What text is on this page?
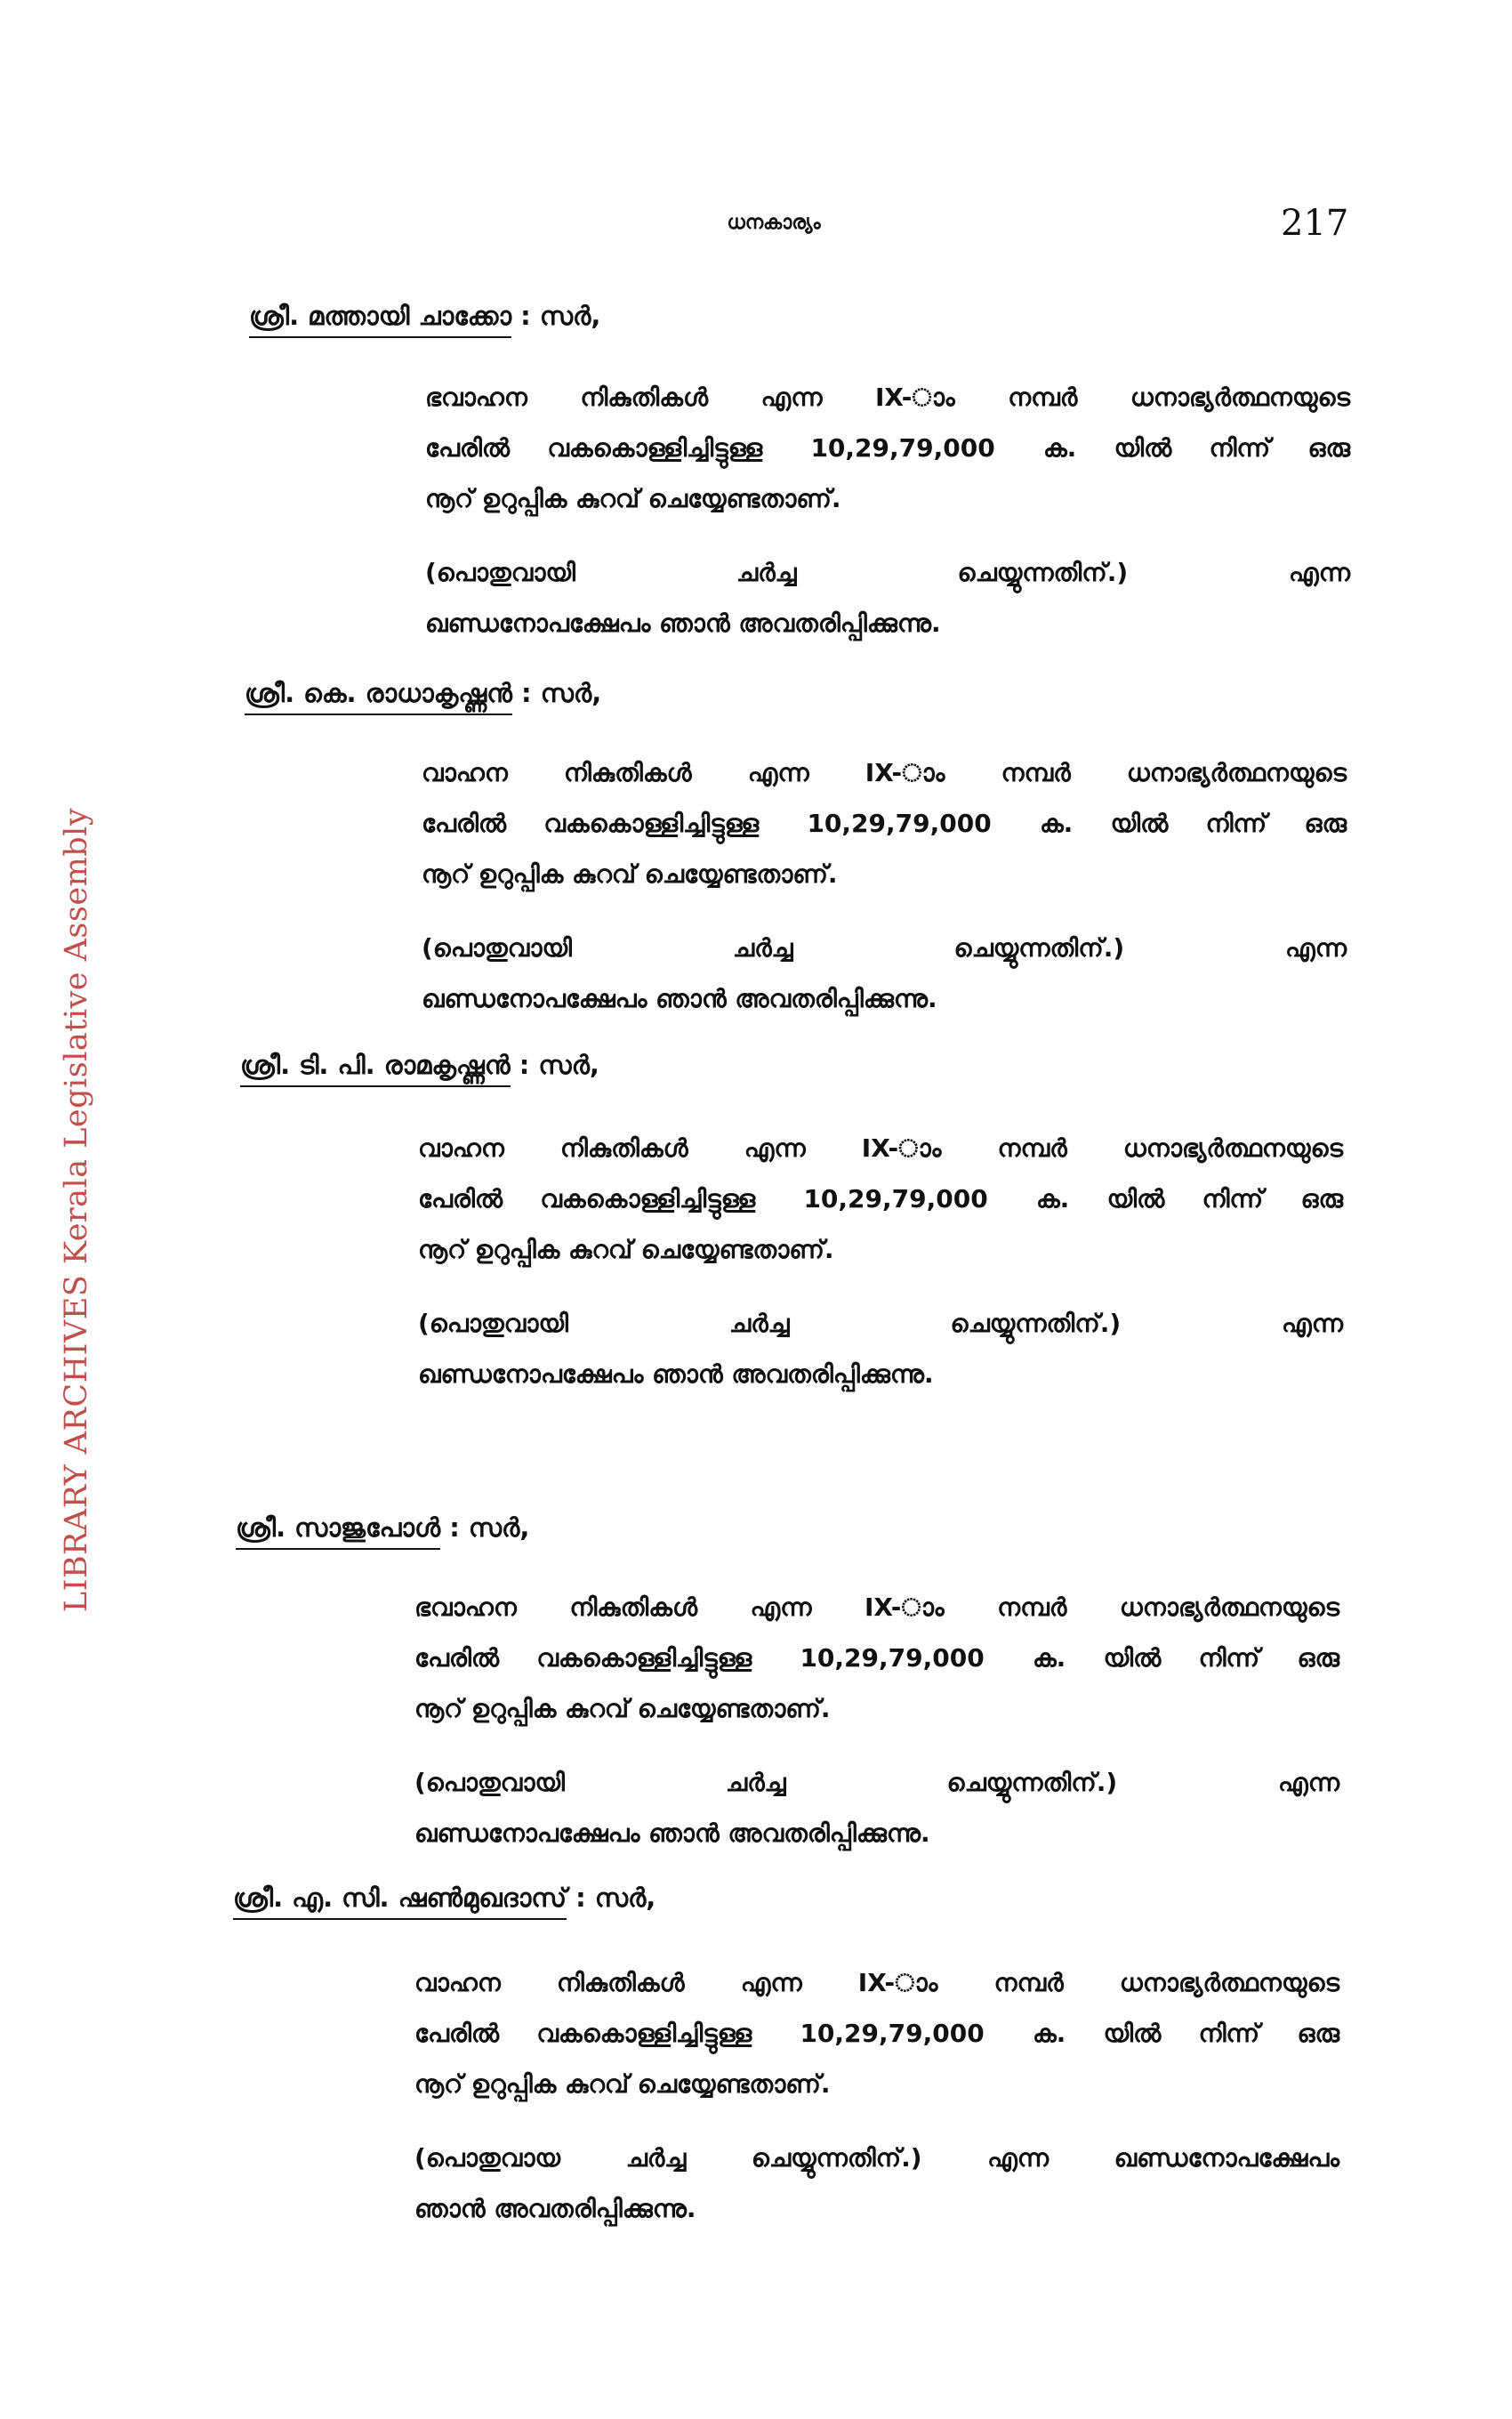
ധനകാര്യം	217
LIBRARY ARCHIVES Kerala Legislative Assembly
ശ്രീ. മത്തായി ചാക്കോ : സർ,

ഭവാഹന നികുതികൾ എന്ന IX-ാം നമ്പർ ധനാഭ്യർത്ഥനയുടെ

പേരിൽ വകകൊള്ളിച്ചിട്ടുള്ള 10,29,79,000 ക. യിൽ നിന്ന് ഒരു

നൂറ് ഉറുപ്പിക കുറവ് ചെയ്യേണ്ടതാണ്.

(പൊതുവായി ചർച്ച ചെയ്യുന്നതിന്.) എന്ന

ഖണ്ഡനോപക്ഷേപം ഞാൻ അവതരിപ്പിക്കുന്നു.

ശ്രീ. കെ. രാധാകൃഷ്ണൻ : സർ,

വാഹന നികുതികൾ എന്ന IX-ാം നമ്പർ ധനാഭ്യർത്ഥനയുടെ

പേരിൽ വകകൊള്ളിച്ചിട്ടുള്ള 10,29,79,000 ക. യിൽ നിന്ന് ഒരു

നൂറ് ഉറുപ്പിക കുറവ് ചെയ്യേണ്ടതാണ്.

(പൊതുവായി ചർച്ച ചെയ്യുന്നതിന്.) എന്ന

ഖണ്ഡനോപക്ഷേപം ഞാൻ അവതരിപ്പിക്കുന്നു.

ശ്രീ. ടി. പി. രാമകൃഷ്ണൻ : സർ,

വാഹന നികുതികൾ എന്ന IX-ാം നമ്പർ ധനാഭ്യർത്ഥനയുടെ

പേരിൽ വകകൊള്ളിച്ചിട്ടുള്ള 10,29,79,000 ക. യിൽ നിന്ന് ഒരു

നൂറ് ഉറുപ്പിക കുറവ് ചെയ്യേണ്ടതാണ്.

(പൊതുവായി ചർച്ച ചെയ്യുന്നതിന്.) എന്ന

ഖണ്ഡനോപക്ഷേപം ഞാൻ അവതരിപ്പിക്കുന്നു.

ശ്രീ. സാജുപോൾ : സർ,

ഭവാഹന നികുതികൾ എന്ന IX-ാം നമ്പർ ധനാഭ്യർത്ഥനയുടെ

പേരിൽ വകകൊള്ളിച്ചിട്ടുള്ള 10,29,79,000 ക. യിൽ നിന്ന് ഒരു

നൂറ് ഉറുപ്പിക കുറവ് ചെയ്യേണ്ടതാണ്.

(പൊതുവായി ചർച്ച ചെയ്യുന്നതിന്.) എന്ന

ഖണ്ഡനോപക്ഷേപം ഞാൻ അവതരിപ്പിക്കുന്നു.

ശ്രീ. എ. സി. ഷൺമുഖദാസ് : സർ,

വാഹന നികുതികൾ എന്ന IX-ാം നമ്പർ ധനാഭ്യർത്ഥനയുടെ

പേരിൽ വകകൊള്ളിച്ചിട്ടുള്ള 10,29,79,000 ക. യിൽ നിന്ന് ഒരു

നൂറ് ഉറുപ്പിക കുറവ് ചെയ്യേണ്ടതാണ്.

(പൊതുവായ ചർച്ച ചെയ്യുന്നതിന്.) എന്ന ഖണ്ഡനോപക്ഷേപം

ഞാൻ അവതരിപ്പിക്കുന്നു.
